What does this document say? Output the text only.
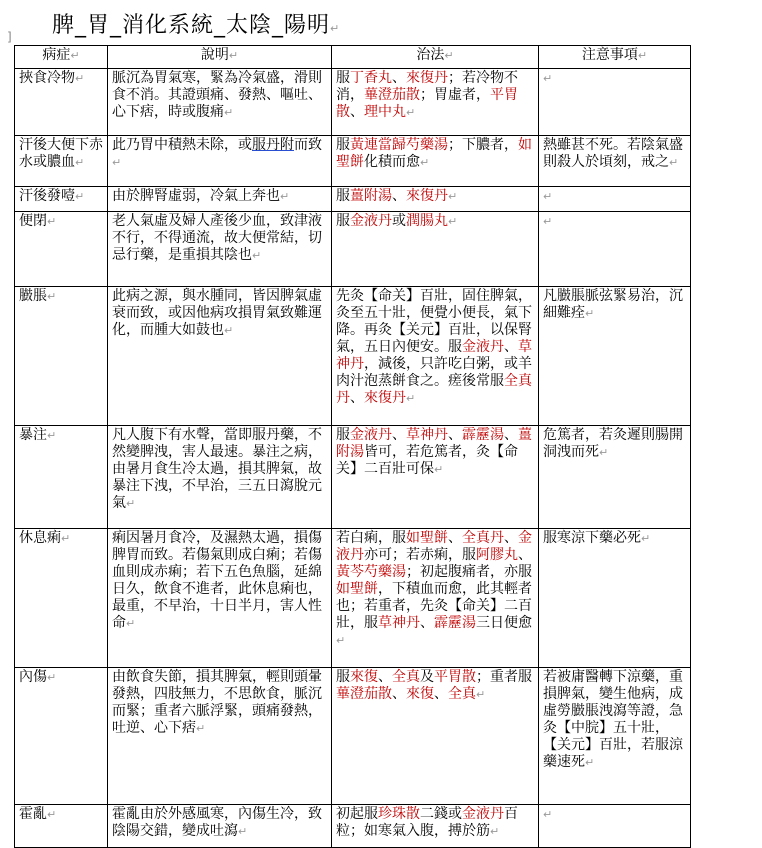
] 脾_胃_消化系統_太陰_陽明↵
病症↵	說明↵	治法↵	注意事項↵
挾食冷物↵	脈沉為胃氣寒，緊為冷氣盛，滑則食不消。其證頭痛、發熱、嘔吐、心下痞，時或腹痛↵	服丁香丸、來復丹；若冷物不消，蓽澄茄散；胃虛者，平胃散、理中丸↵	↵
汗後大便下赤水或膿血↵	此乃胃中積熱未除，或服丹附而致↵	服黃連當歸芍藥湯；下膿者，如聖餅化積而愈↵	熱雖甚不死。若陰氣盛則殺人於頃刻，戒之↵
汗後發噎↵	由於脾腎虛弱，冷氣上奔也↵	服薑附湯、來復丹↵	↵
便閉↵	老人氣虛及婦人產後少血，致津液不行，不得通流，故大便常結，切忌行藥，是重損其陰也↵	服金液丹或潤腸丸↵	↵
臌脹↵	此病之源，與水腫同，皆因脾氣虛衰而致，或因他病攻損胃氣致難運化，而腫大如鼓也↵	先灸【命关】百壯，固住脾氣，灸至五十壯，便覺小便長，氣下降。再灸【关元】百壯，以保腎氣，五日內便安。服金液丹、草神丹，減後，只許吃白粥，或羊肉汁泡蒸餅食之。瘥後常服全真丹、來復丹↵	凡臌脹脈弦緊易治，沉細難痊↵
暴注↵	凡人腹下有水聲，當即服丹藥，不然變脾洩，害人最速。暴注之病，由暑月食生冷太過，損其脾氣，故暴注下洩，不早治，三五日瀉脫元氣↵	服金液丹、草神丹、霹靂湯、薑附湯皆可，若危篤者，灸【命关】二百壯可保↵	危篤者，若灸遲則腸開洞洩而死↵
休息痢↵	痢因暑月食冷，及濕熱太過，損傷脾胃而致。若傷氣則成白痢；若傷血則成赤痢；若下五色魚腦，延綿日久，飲食不進者，此休息痢也，最重，不早治，十日半月，害人性命↵	若白痢，服如聖餅、全真丹、金液丹亦可；若赤痢，服阿膠丸、黃芩芍藥湯；初起腹痛者，亦服如聖餅，下積血而愈，此其輕者也；若重者，先灸【命关】二百壯，服草神丹、霹靂湯三日便愈↵	服寒涼下藥必死↵
內傷↵	由飲食失節，損其脾氣，輕則頭暈發熱，四肢無力，不思飲食，脈沉而緊；重者六脈浮緊，頭痛發熱，吐逆、心下痞↵	服來復、全真及平胃散；重者服蓽澄茄散、來復、全真↵	若被庸醫轉下涼藥，重損脾氣，變生他病，成虛勞臌脹洩瀉等證，急灸【中脘】五十壯，【关元】百壯，若服涼藥速死↵
霍亂↵	霍亂由於外感風寒，內傷生冷，致陰陽交錯，變成吐瀉↵	初起服珍珠散二錢或金液丹百粒；如寒氣入腹，搏於筋↵	↵
